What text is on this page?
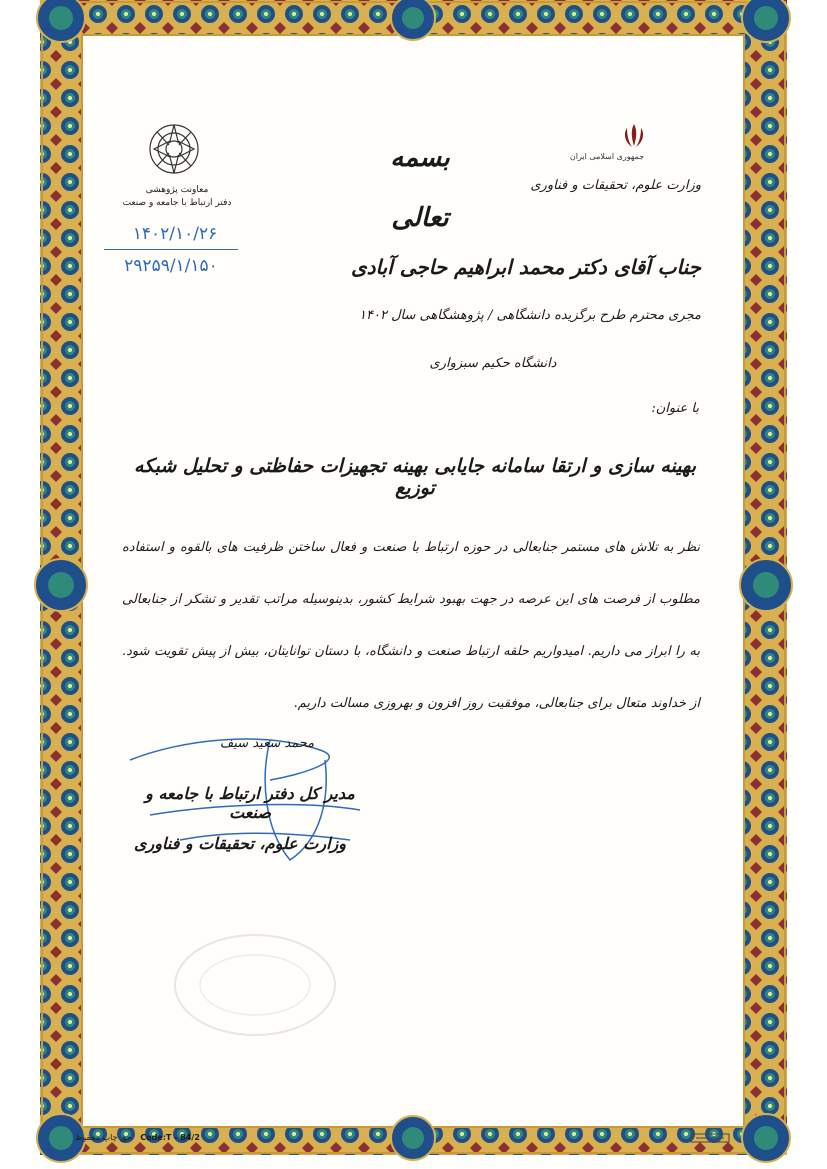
بسمه تعالی
جمهوری اسلامی ایران
وزارت علوم، تحقیقات و فناوری
معاونت پژوهشی
دفتر ارتباط با جامعه و صنعت
۱۴۰۲/۱۰/۲۶
۲۹۲۵۹/۱/۱۵۰	جناب آقای دکتر محمد ابراهیم حاجی آبادی
مجری محترم طرح برگزیده دانشگاهی / پژوهشگاهی سال ۱۴۰۲
دانشگاه حکیم سبزواری
با عنوان:
بهینه سازی و ارتقا سامانه جایابی بهینه تجهیزات حفاظتی و تحلیل شبکه توزیع
نظر به تلاش های مستمر جنابعالی در حوزه ارتباط با صنعت و فعال ساختن ظرفیت های بالقوه و استفاده مطلوب از فرصت های این عرصه در جهت بهبود شرایط کشور، بدینوسیله مراتب تقدیر و تشکر از جنابعالی به را ابراز می داریم. امیدواریم حلقه ارتباط صنعت و دانشگاه، با دستان توانایتان، بیش از پیش تقویت شود. از خداوند متعال برای جنابعالی، موفقیت روز افزون و بهروزی مسالت داریم.
محمد سعید سیف
مدیر کل دفتر ارتباط با جامعه و صنعت
وزارت علوم، تحقیقات و فناوری
حق چاپ محفوظ Code:T - 84/2
